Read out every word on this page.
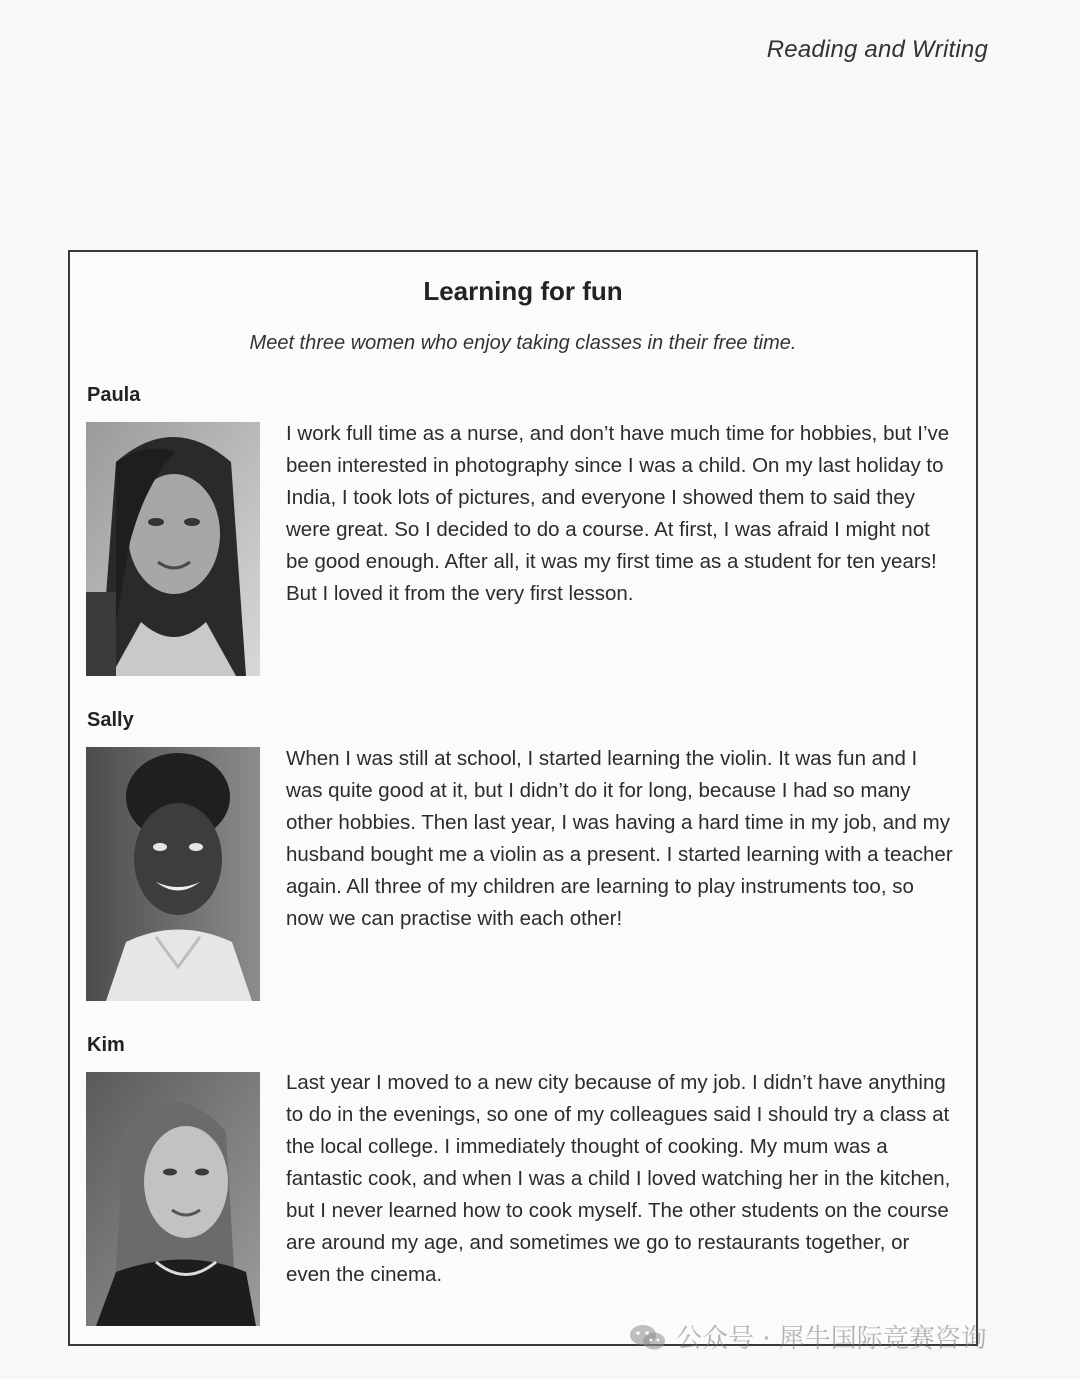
Reading and Writing
Learning for fun
Meet three women who enjoy taking classes in their free time.
Paula

I work full time as a nurse, and don’t have much time for hobbies, but I’ve been interested in photography since I was a child. On my last holiday to India, I took lots of pictures, and everyone I showed them to said they were great. So I decided to do a course. At first, I was afraid I might not be good enough. After all, it was my first time as a student for ten years! But I loved it from the very first lesson.

Sally

When I was still at school, I started learning the violin. It was fun and I was quite good at it, but I didn’t do it for long, because I had so many other hobbies. Then last year, I was having a hard time in my job, and my husband bought me a violin as a present. I started learning with a teacher again. All three of my children are learning to play instruments too, so now we can practise with each other!

Kim

Last year I moved to a new city because of my job. I didn’t have anything to do in the evenings, so one of my colleagues said I should try a class at the local college. I immediately thought of cooking. My mum was a fantastic cook, and when I was a child I loved watching her in the kitchen, but I never learned how to cook myself. The other students on the course are around my age, and sometimes we go to restaurants together, or even the cinema.

公众号 · 犀牛国际竞赛咨询
